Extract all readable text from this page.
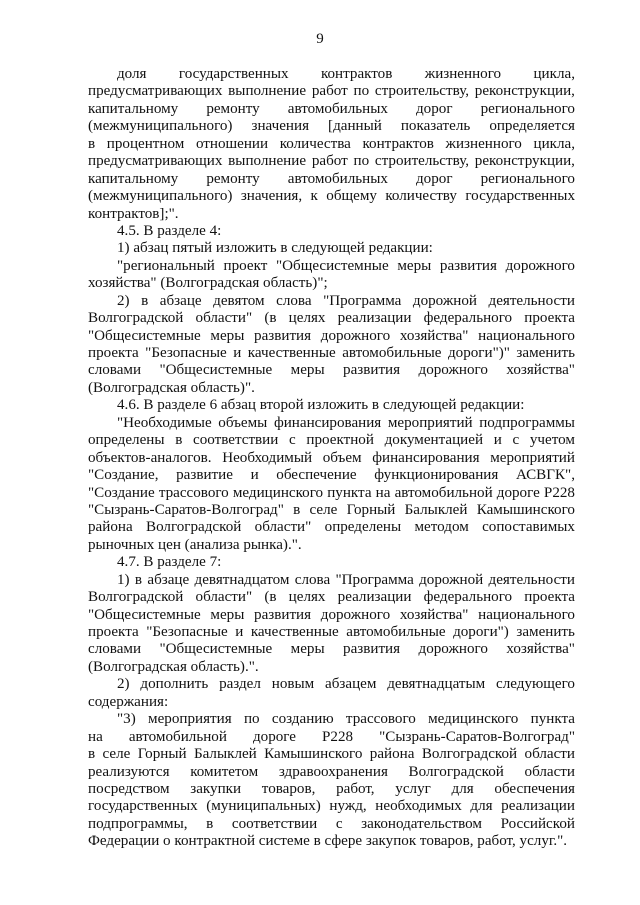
9
доля государственных контрактов жизненного цикла,
предусматривающих выполнение работ по строительству, реконструкции,
капитальному ремонту автомобильных дорог регионального
(межмуниципального) значения [данный показатель определяется
в процентном отношении количества контрактов жизненного цикла,
предусматривающих выполнение работ по строительству, реконструкции,
капитальному ремонту автомобильных дорог регионального
(межмуниципального) значения, к общему количеству государственных
контрактов];".
4.5. В разделе 4:
1) абзац пятый изложить в следующей редакции:
"региональный проект "Общесистемные меры развития дорожного
хозяйства" (Волгоградская область)";
2) в абзаце девятом слова "Программа дорожной деятельности
Волгоградской области" (в целях реализации федерального проекта
"Общесистемные меры развития дорожного хозяйства" национального
проекта "Безопасные и качественные автомобильные дороги")" заменить
словами "Общесистемные меры развития дорожного хозяйства"
(Волгоградская область)".
4.6. В разделе 6 абзац второй изложить в следующей редакции:
"Необходимые объемы финансирования мероприятий подпрограммы
определены в соответствии с проектной документацией и с учетом
объектов-аналогов. Необходимый объем финансирования мероприятий
"Создание, развитие и обеспечение функционирования АСВГК",
"Создание трассового медицинского пункта на автомобильной дороге Р228
"Сызрань-Саратов-Волгоград" в селе Горный Балыклей Камышинского
района Волгоградской области" определены методом сопоставимых
рыночных цен (анализа рынка).".
4.7. В разделе 7:
1) в абзаце девятнадцатом слова "Программа дорожной деятельности
Волгоградской области" (в целях реализации федерального проекта
"Общесистемные меры развития дорожного хозяйства" национального
проекта "Безопасные и качественные автомобильные дороги") заменить
словами "Общесистемные меры развития дорожного хозяйства"
(Волгоградская область).".
2) дополнить раздел новым абзацем девятнадцатым следующего
содержания:
"3) мероприятия по созданию трассового медицинского пункта
на автомобильной дороге Р228 "Сызрань-Саратов-Волгоград"
в селе Горный Балыклей Камышинского района Волгоградской области
реализуются комитетом здравоохранения Волгоградской области
посредством закупки товаров, работ, услуг для обеспечения
государственных (муниципальных) нужд, необходимых для реализации
подпрограммы, в соответствии с законодательством Российской
Федерации о контрактной системе в сфере закупок товаров, работ, услуг.".
